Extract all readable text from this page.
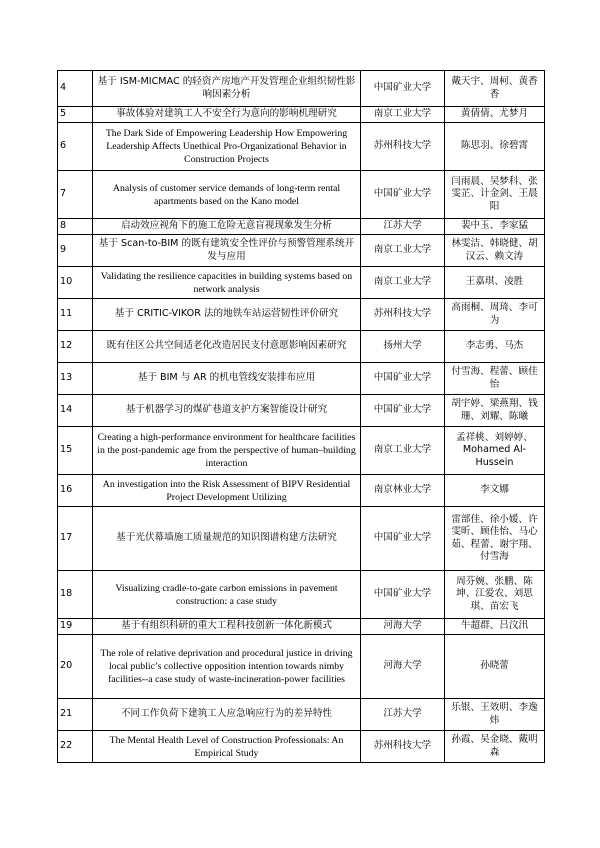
4	基于 ISM-MICMAC 的轻资产房地产开发管理企业组织韧性影响因素分析	中国矿业大学	戴天宇、周柯、黄香香
5	事故体验对建筑工人不安全行为意向的影响机理研究	南京工业大学	黄倩倩、尤梦月
6	The Dark Side of Empowering Leadership How Empowering Leadership Affects Unethical Pro-Organizational Behavior in Construction Projects	苏州科技大学	陈思羽、徐碧霄
7	Analysis of customer service demands of long-term rental apartments based on the Kano model	中国矿业大学	闫雨晨、吴梦科、张雯芷、计金剑、王晨阳
8	启动效应视角下的施工危险无意盲视现象发生分析	江苏大学	裴中玉、李家猛
9	基于 Scan-to-BIM 的既有建筑安全性评价与预警管理系统开发与应用	南京工业大学	林雯洁、韩晓健、胡汉云、赖文涛
10	Validating the resilience capacities in building systems based on network analysis	南京工业大学	王嘉琪、凌胜
11	基于 CRITIC-VIKOR 法的地铁车站运营韧性评价研究	苏州科技大学	高雨桐、周琦、李可为
12	既有住区公共空间适老化改造居民支付意愿影响因素研究	扬州大学	李志勇、马杰
13	基于 BIM 与 AR 的机电管线安装排布应用	中国矿业大学	付雪海、程蕾、顾佳怡
14	基于机器学习的煤矿巷道支护方案智能设计研究	中国矿业大学	胡宇婷、梁燕翔、钱珊、刘耀、陈曦
15	Creating a high-performance environment for healthcare facilities in the post-pandemic age from the perspective of human–building interaction	南京工业大学	孟祥桃、刘婷婷、Mohamed Al-Hussein
16	An investigation into the Risk Assessment of BIPV Residential Project Development Utilizing	南京林业大学	李文娜
17	基于光伏幕墙施工质量规范的知识图谱构建方法研究	中国矿业大学	雷部佳、徐小媛、许雯昕、顾佳怡、马心茹、程蕾、谢宇翔、付雪海
18	Visualizing cradle-to-gate carbon emissions in pavement construction: a case study	中国矿业大学	周芬婉、张鹏、陈坤、江爱农、刘思琪、苗宏飞
19	基于有组织科研的重大工程科技创新一体化新模式	河海大学	牛超群、吕汶汛
20	The role of relative deprivation and procedural justice in driving local public’s collective opposition intention towards nimby facilities--a case study of waste-incineration-power facilities	河海大学	孙晓蕾
21	不同工作负荷下建筑工人应急响应行为的差异特性	江苏大学	乐银、王效明、李逸炜
22	The Mental Health Level of Construction Professionals: An Empirical Study	苏州科技大学	孙霞、吴金晓、戴明森
